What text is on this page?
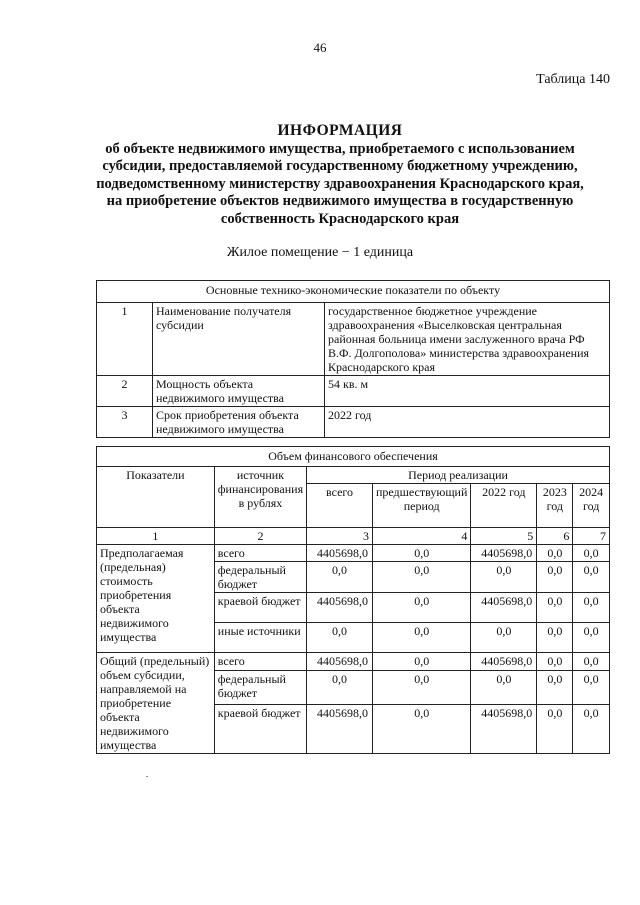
46
Таблица 140
ИНФОРМАЦИЯ
об объекте недвижимого имущества, приобретаемого с использованием
субсидии, предоставляемой государственному бюджетному учреждению,
подведомственному министерству здравоохранения Краснодарского края,
на приобретение объектов недвижимого имущества в государственную
собственность Краснодарского края
Жилое помещение − 1 единица
Основные технико-экономические показатели по объекту		
1	Наименование получателя субсидии	государственное бюджетное учреждение здравоохранения «Выселковская центральная районная больница имени заслуженного врача РФ В.Ф. Долгополова» министерства здравоохранения Краснодарского края
2	Мощность объекта недвижимого имущества	54 кв. м
3	Срок приобретения объекта недвижимого имущества	2022 год
Объем финансового обеспечения						
Показатели	источник финансирования в рублях	Период реализации				
		всего	предшествующий период	2022 год	2023 год	2024 год
1	2	3	4	5	6	7
Предполагаемая (предельная) стоимость приобретения объекта недвижимого имущества	всего	4405698,0	0,0	4405698,0	0,0	0,0
	федеральный бюджет	0,0	0,0	0,0	0,0	0,0
	краевой бюджет	4405698,0	0,0	4405698,0	0,0	0,0
	иные источники	0,0	0,0	0,0	0,0	0,0
Общий (предельный) объем субсидии, направляемой на приобретение объекта недвижимого имущества	всего	4405698,0	0,0	4405698,0	0,0	0,0
	федеральный бюджет	0,0	0,0	0,0	0,0	0,0
	краевой бюджет	4405698,0	0,0	4405698,0	0,0	0,0
